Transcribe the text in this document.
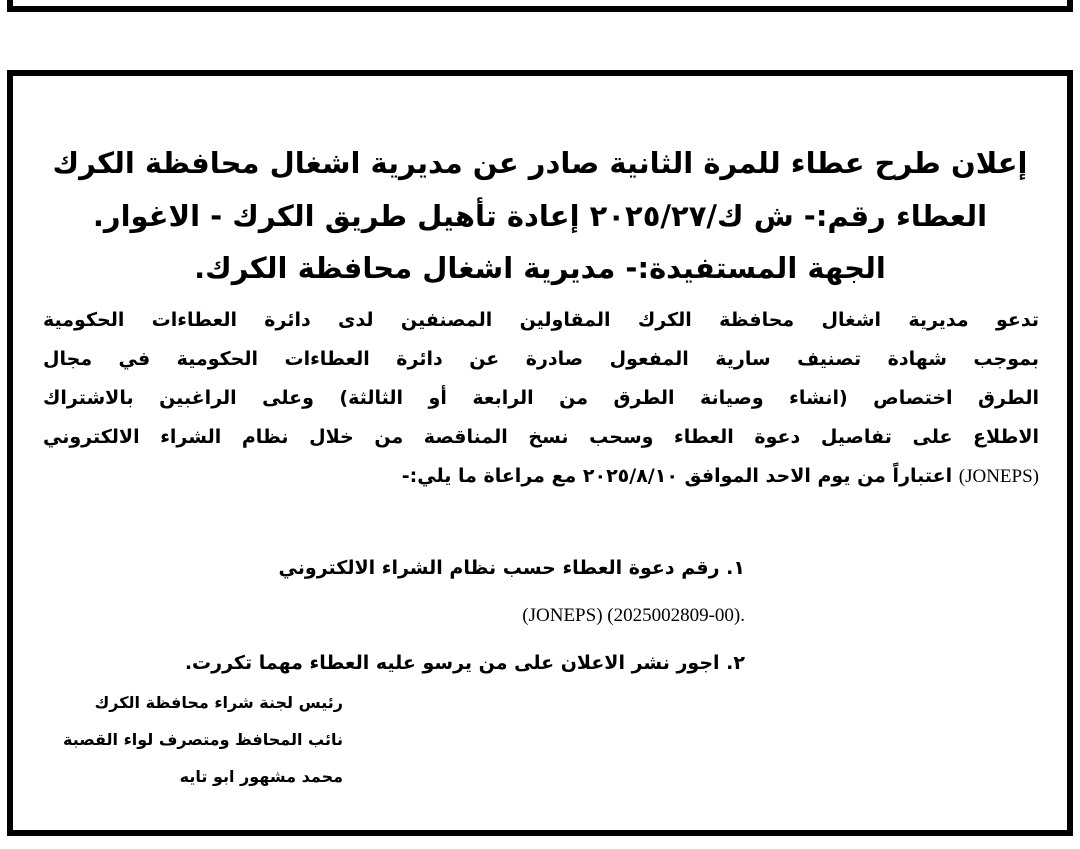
إعلان طرح عطاء للمرة الثانية صادر عن مديرية اشغال محافظة الكرك
العطاء رقم:- ش ك/٢٠٢٥/٢٧ إعادة تأهيل طريق الكرك - الاغوار.
الجهة المستفيدة:- مديرية اشغال محافظة الكرك.
تدعو مديرية اشغال محافظة الكرك المقاولين المصنفين لدى دائرة العطاءات الحكومية
بموجب شهادة تصنيف سارية المفعول صادرة عن دائرة العطاءات الحكومية في مجال
الطرق اختصاص (انشاء وصيانة الطرق من الرابعة أو الثالثة) وعلى الراغبين بالاشتراك
الاطلاع على تفاصيل دعوة العطاء وسحب نسخ المناقصة من خلال نظام الشراء الالكتروني
(JONEPS) اعتباراً من يوم الاحد الموافق ٢٠٢٥/٨/١٠ مع مراعاة ما يلي:-
١. رقم دعوة العطاء حسب نظام الشراء الالكتروني
.(2025002809-00) (JONEPS)
٢. اجور نشر الاعلان على من يرسو عليه العطاء مهما تكررت.
رئيس لجنة شراء محافظة الكرك
نائب المحافظ ومتصرف لواء القصبة
محمد مشهور ابو تايه
